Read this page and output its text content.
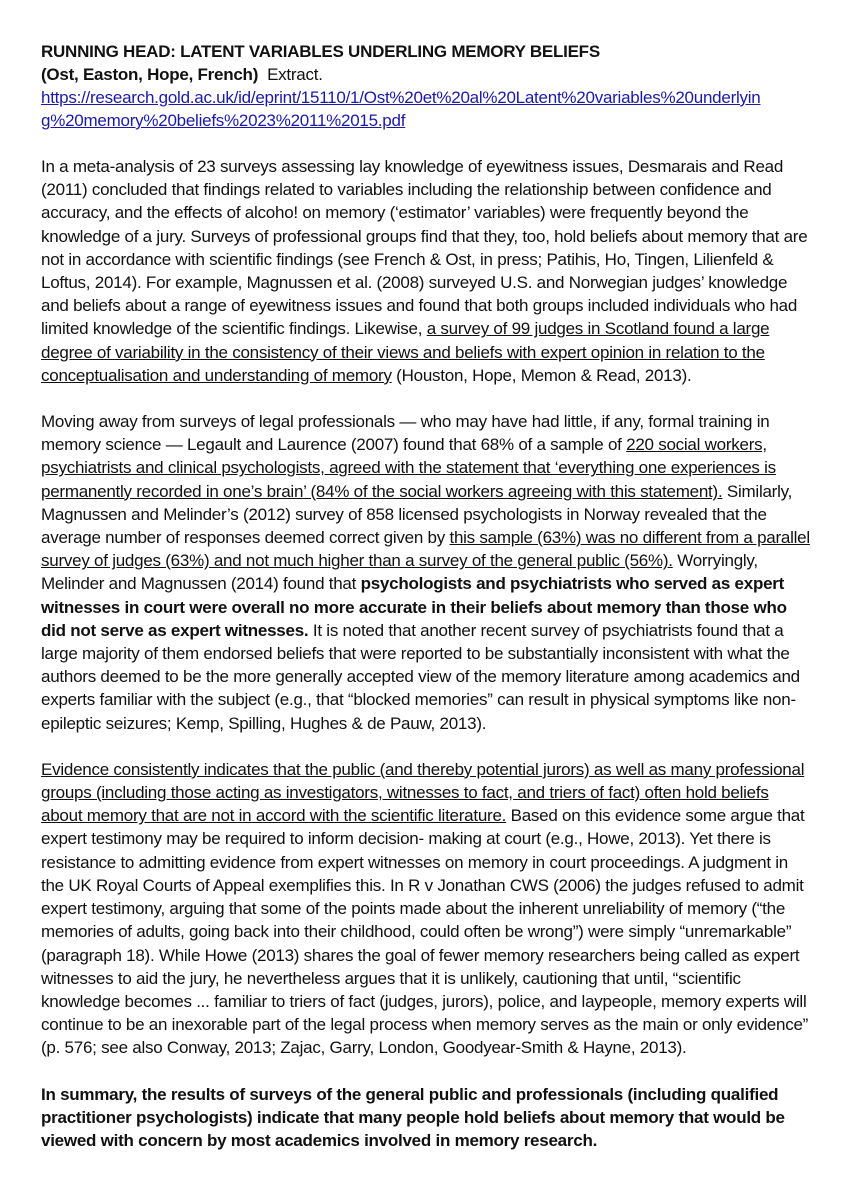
RUNNING HEAD: LATENT VARIABLES UNDERLING MEMORY BELIEFS

(Ost, Easton, Hope, French) Extract.

https://research.gold.ac.uk/id/eprint/15110/1/Ost%20et%20al%20Latent%20variables%20underlying%20memory%20beliefs%2023%2011%2015.pdf

In a meta-analysis of 23 surveys assessing lay knowledge of eyewitness issues, Desmarais and Read (2011) concluded that findings related to variables including the relationship between confidence and accuracy, and the effects of alcoho! on memory (‘estimator’ variables) were frequently beyond the knowledge of a jury. Surveys of professional groups find that they, too, hold beliefs about memory that are not in accordance with scientific findings (see French & Ost, in press; Patihis, Ho, Tingen, Lilienfeld & Loftus, 2014). For example, Magnussen et al. (2008) surveyed U.S. and Norwegian judges’ knowledge and beliefs about a range of eyewitness issues and found that both groups included individuals who had limited knowledge of the scientific findings. Likewise, a survey of 99 judges in Scotland found a large degree of variability in the consistency of their views and beliefs with expert opinion in relation to the conceptualisation and understanding of memory (Houston, Hope, Memon & Read, 2013).

Moving away from surveys of legal professionals — who may have had little, if any, formal training in memory science — Legault and Laurence (2007) found that 68% of a sample of 220 social workers, psychiatrists and clinical psychologists, agreed with the statement that ‘everything one experiences is permanently recorded in one’s brain’ (84% of the social workers agreeing with this statement). Similarly, Magnussen and Melinder’s (2012) survey of 858 licensed psychologists in Norway revealed that the average number of responses deemed correct given by this sample (63%) was no different from a parallel survey of judges (63%) and not much higher than a survey of the general public (56%). Worryingly, Melinder and Magnussen (2014) found that psychologists and psychiatrists who served as expert witnesses in court were overall no more accurate in their beliefs about memory than those who did not serve as expert witnesses. It is noted that another recent survey of psychiatrists found that a large majority of them endorsed beliefs that were reported to be substantially inconsistent with what the authors deemed to be the more generally accepted view of the memory literature among academics and experts familiar with the subject (e.g., that “blocked memories” can result in physical symptoms like non-epileptic seizures; Kemp, Spilling, Hughes & de Pauw, 2013).

Evidence consistently indicates that the public (and thereby potential jurors) as well as many professional groups (including those acting as investigators, witnesses to fact, and triers of fact) often hold beliefs about memory that are not in accord with the scientific literature. Based on this evidence some argue that expert testimony may be required to inform decision- making at court (e.g., Howe, 2013). Yet there is resistance to admitting evidence from expert witnesses on memory in court proceedings. A judgment in the UK Royal Courts of Appeal exemplifies this. In R v Jonathan CWS (2006) the judges refused to admit expert testimony, arguing that some of the points made about the inherent unreliability of memory (“the memories of adults, going back into their childhood, could often be wrong”) were simply “unremarkable” (paragraph 18). While Howe (2013) shares the goal of fewer memory researchers being called as expert witnesses to aid the jury, he nevertheless argues that it is unlikely, cautioning that until, “scientific knowledge becomes ... familiar to triers of fact (judges, jurors), police, and laypeople, memory experts will continue to be an inexorable part of the legal process when memory serves as the main or only evidence” (p. 576; see also Conway, 2013; Zajac, Garry, London, Goodyear-Smith & Hayne, 2013).

In summary, the results of surveys of the general public and professionals (including qualified practitioner psychologists) indicate that many people hold beliefs about memory that would be viewed with concern by most academics involved in memory research.
